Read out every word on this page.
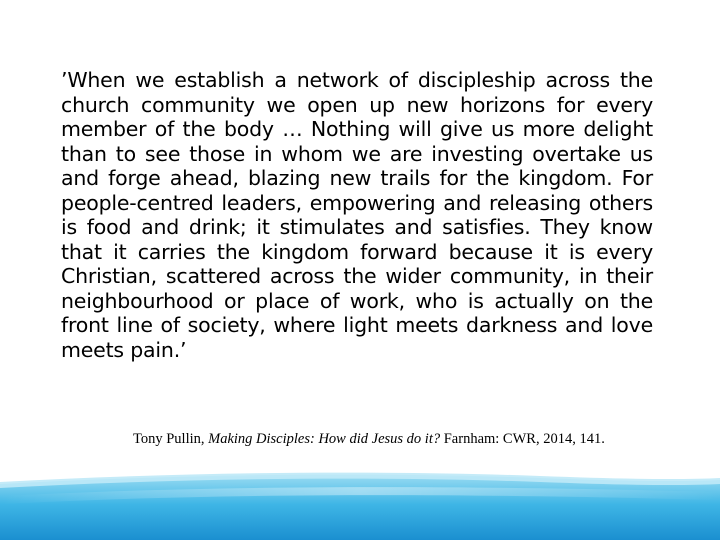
’When we establish a network of discipleship across the church community we open up new horizons for every member of the body … Nothing will give us more delight than to see those in whom we are investing overtake us and forge ahead, blazing new trails for the kingdom. For people-centred leaders, empowering and releasing others is food and drink; it stimulates and satisfies. They know that it carries the kingdom forward because it is every Christian, scattered across the wider community, in their neighbourhood or place of work, who is actually on the front line of society, where light meets darkness and love meets pain.’

Tony Pullin, Making Disciples: How did Jesus do it? Farnham: CWR, 2014, 141.
